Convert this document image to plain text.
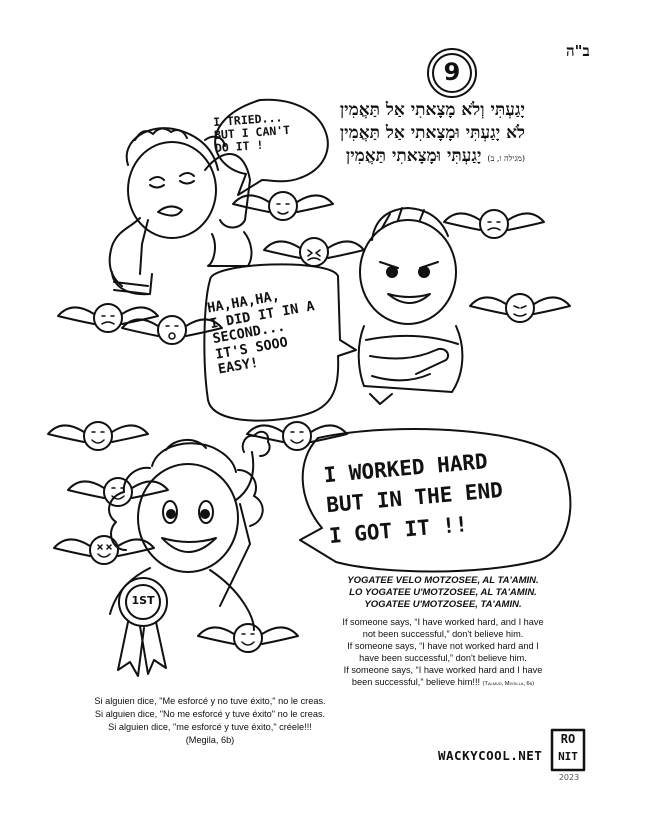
ב"ה
9
יָגַעְתִּי וְלֹא מָצָאתִי אַל תַּאֲמִין
לֹא יָגַעְתִּי וּמָצָאתִי אַל תַּאֲמִין
(מגילה ו, ב) יָגַעְתִּי וּמָצָאתִי תַּאֲמִין
I TRIED...
BUT I CAN'T
DO IT !
HA,HA,HA,
I DID IT IN A
SECOND...
IT'S SOOO
EASY!
I WORKED HARD
BUT IN THE END
I GOT IT !!
1ST
YOGATEE VELO MOTZOSEE, AL TA'AMIN.
LO YOGATEE U'MOTZOSEE, AL TA'AMIN.
YOGATEE U'MOTZOSEE, TA'AMIN.
If someone says, “I have worked hard, and I have
not been successful,” don't believe him.
If someone says, “I have not worked hard and I
have been successful,” don't believe him.
If someone says, “I have worked hard and I have
been successful,” believe him!!! (Talmud, Megilla, 6b)
Si alguien dice, "Me esforcé y no tuve éxito," no le creas.
Si alguien dice, "No me esforcé y tuve éxito" no le creas.
Si alguien dice, "me esforcé y tuve éxito," créele!!!
(Megila, 6b)
WACKYCOOL.NET
RO
NIT
2023
